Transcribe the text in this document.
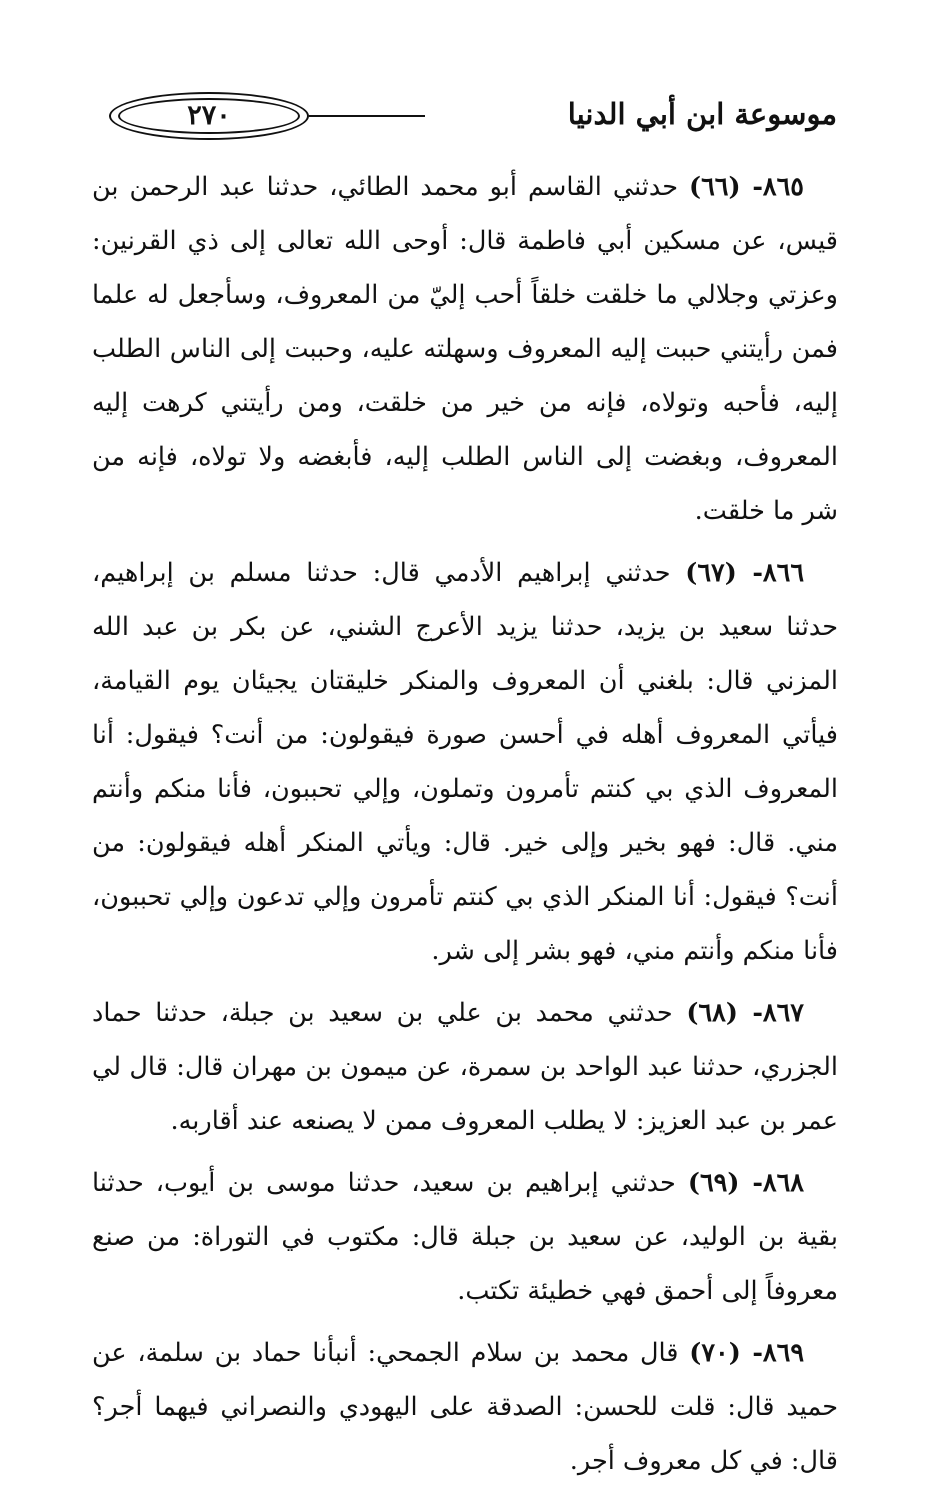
٢٧٠	موسوعة ابن أبي الدنيا

٨٦٥- (٦٦) حدثني القاسم أبو محمد الطائي، حدثنا عبد الرحمن بن قيس، عن مسكين أبي فاطمة قال: أوحى الله تعالى إلى ذي القرنين: وعزتي وجلالي ما خلقت خلقاً أحب إليّ من المعروف، وسأجعل له علما فمن رأيتني حببت إليه المعروف وسهلته عليه، وحببت إلى الناس الطلب إليه، فأحبه وتولاه، فإنه من خير من خلقت، ومن رأيتني كرهت إليه المعروف، وبغضت إلى الناس الطلب إليه، فأبغضه ولا تولاه، فإنه من شر ما خلقت.

٨٦٦- (٦٧) حدثني إبراهيم الأدمي قال: حدثنا مسلم بن إبراهيم، حدثنا سعيد بن يزيد، حدثنا يزيد الأعرج الشني، عن بكر بن عبد الله المزني قال: بلغني أن المعروف والمنكر خليقتان يجيئان يوم القيامة، فيأتي المعروف أهله في أحسن صورة فيقولون: من أنت؟ فيقول: أنا المعروف الذي بي كنتم تأمرون وتملون، وإلي تحببون، فأنا منكم وأنتم مني. قال: فهو بخير وإلى خير. قال: ويأتي المنكر أهله فيقولون: من أنت؟ فيقول: أنا المنكر الذي بي كنتم تأمرون وإلي تدعون وإلي تحببون، فأنا منكم وأنتم مني، فهو بشر إلى شر.

٨٦٧- (٦٨) حدثني محمد بن علي بن سعيد بن جبلة، حدثنا حماد الجزري، حدثنا عبد الواحد بن سمرة، عن ميمون بن مهران قال: قال لي عمر بن عبد العزيز: لا يطلب المعروف ممن لا يصنعه عند أقاربه.

٨٦٨- (٦٩) حدثني إبراهيم بن سعيد، حدثنا موسى بن أيوب، حدثنا بقية بن الوليد، عن سعيد بن جبلة قال: مكتوب في التوراة: من صنع معروفاً إلى أحمق فهي خطيئة تكتب.

٨٦٩- (٧٠) قال محمد بن سلام الجمحي: أنبأنا حماد بن سلمة، عن حميد قال: قلت للحسن: الصدقة على اليهودي والنصراني فيهما أجر؟ قال: في كل معروف أجر.
